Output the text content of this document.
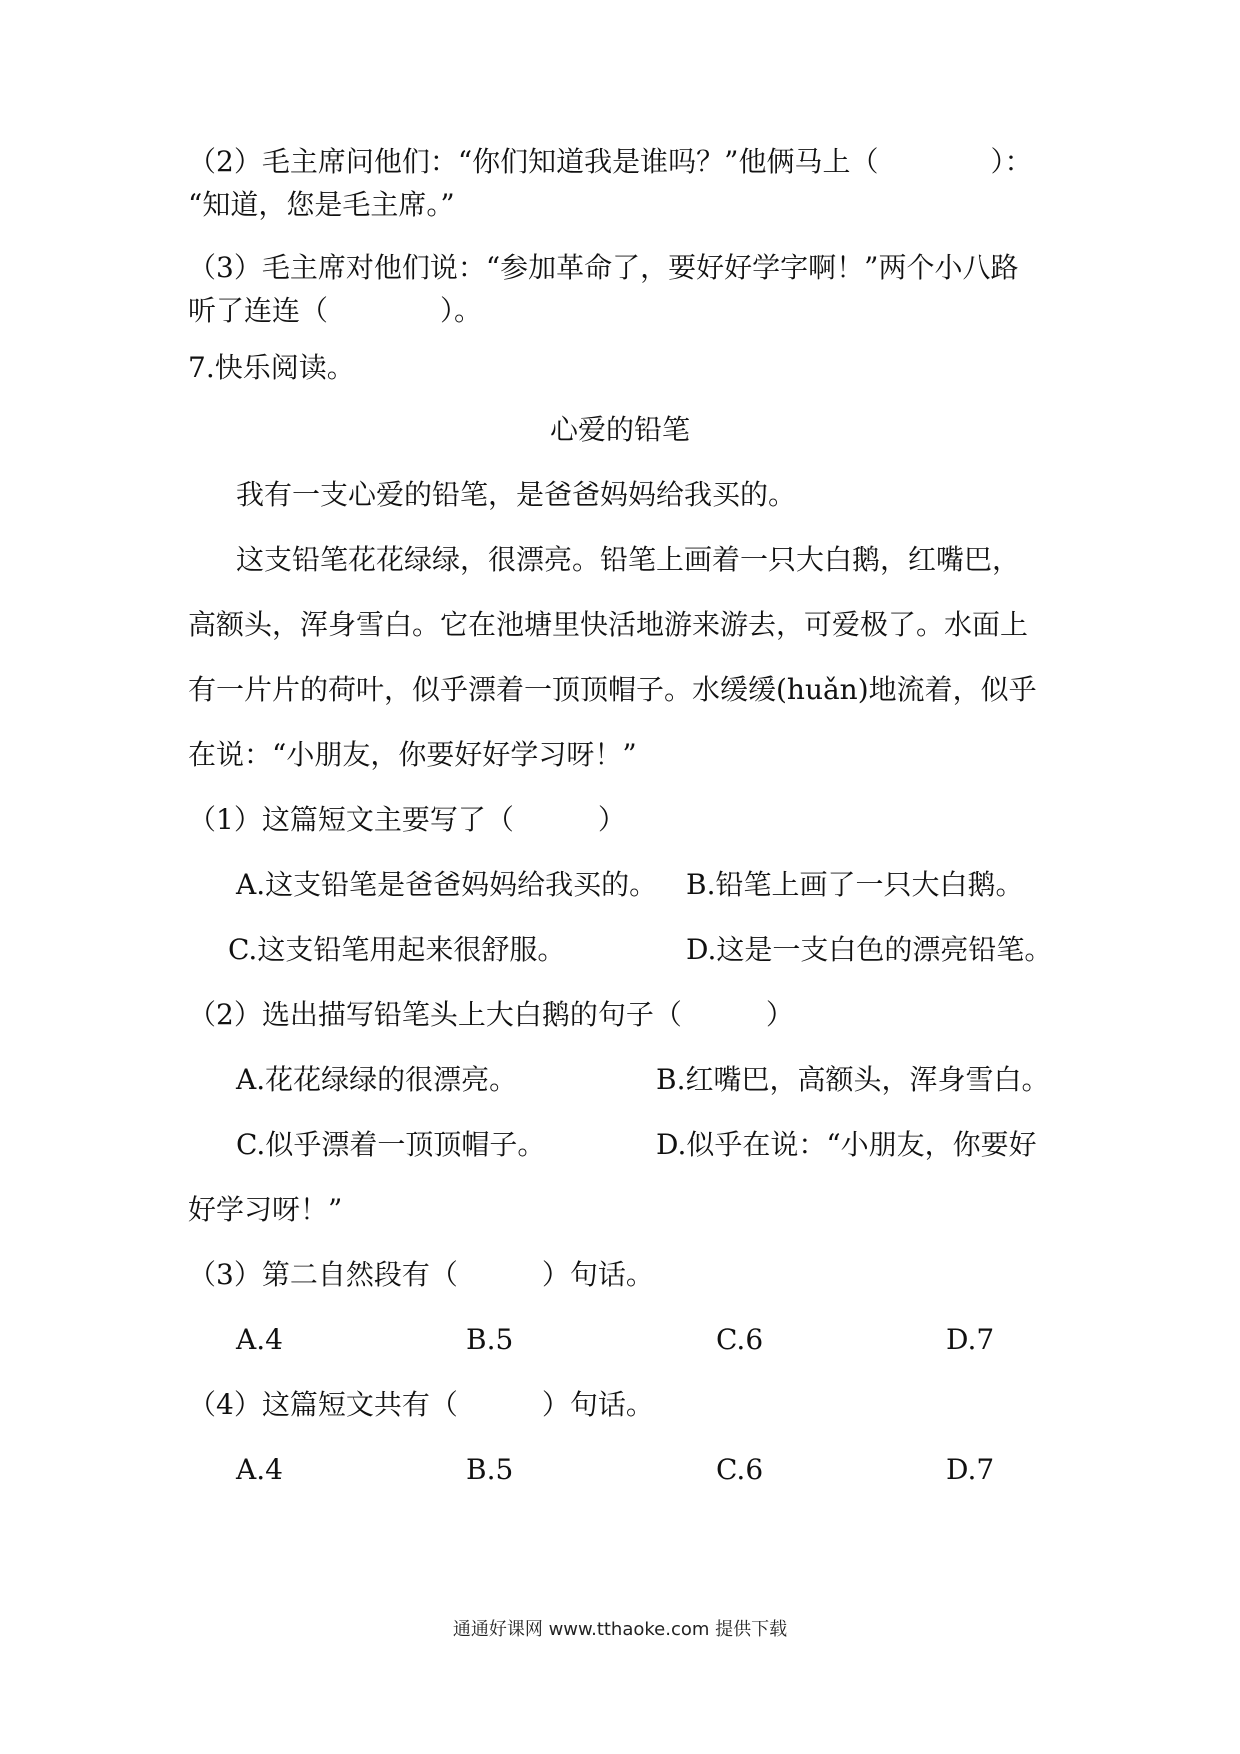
（2）毛主席问他们：“你们知道我是谁吗？”他俩马上（　　　　）：
“知道，您是毛主席。”
（3）毛主席对他们说：“参加革命了，要好好学字啊！”两个小八路
听了连连（　　　　）。
7.快乐阅读。
心爱的铅笔
我有一支心爱的铅笔，是爸爸妈妈给我买的。
这支铅笔花花绿绿，很漂亮。铅笔上画着一只大白鹅，红嘴巴，
高额头，浑身雪白。它在池塘里快活地游来游去，可爱极了。水面上
有一片片的荷叶，似乎漂着一顶顶帽子。水缓缓(huǎn)地流着，似乎
在说：“小朋友，你要好好学习呀！”
（1）这篇短文主要写了（　　　）
A.这支铅笔是爸爸妈妈给我买的。 B.铅笔上画了一只大白鹅。
C.这支铅笔用起来很舒服。	D.这是一支白色的漂亮铅笔。
（2）选出描写铅笔头上大白鹅的句子（　　　）
A.花花绿绿的很漂亮。	B.红嘴巴，高额头，浑身雪白。
C.似乎漂着一顶顶帽子。	D.似乎在说：“小朋友，你要好
好学习呀！”
（3）第二自然段有（　　　）句话。
A.4	B.5	C.6	D.7
（4）这篇短文共有（　　　）句话。
A.4	B.5	C.6	D.7
通通好课网 www.tthaoke.com 提供下载
